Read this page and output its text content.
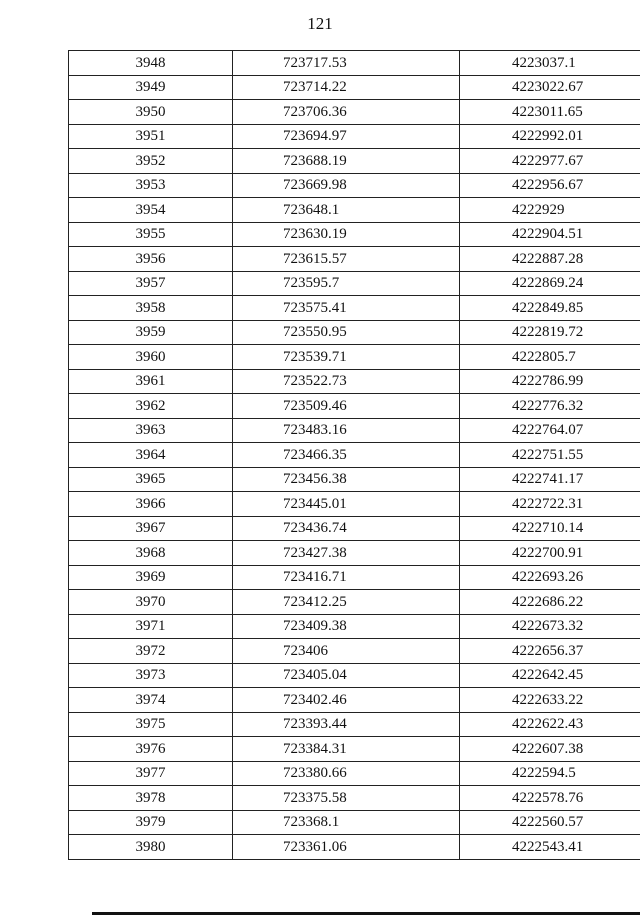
121
3948	723717.53	4223037.1
3949	723714.22	4223022.67
3950	723706.36	4223011.65
3951	723694.97	4222992.01
3952	723688.19	4222977.67
3953	723669.98	4222956.67
3954	723648.1	4222929
3955	723630.19	4222904.51
3956	723615.57	4222887.28
3957	723595.7	4222869.24
3958	723575.41	4222849.85
3959	723550.95	4222819.72
3960	723539.71	4222805.7
3961	723522.73	4222786.99
3962	723509.46	4222776.32
3963	723483.16	4222764.07
3964	723466.35	4222751.55
3965	723456.38	4222741.17
3966	723445.01	4222722.31
3967	723436.74	4222710.14
3968	723427.38	4222700.91
3969	723416.71	4222693.26
3970	723412.25	4222686.22
3971	723409.38	4222673.32
3972	723406	4222656.37
3973	723405.04	4222642.45
3974	723402.46	4222633.22
3975	723393.44	4222622.43
3976	723384.31	4222607.38
3977	723380.66	4222594.5
3978	723375.58	4222578.76
3979	723368.1	4222560.57
3980	723361.06	4222543.41
